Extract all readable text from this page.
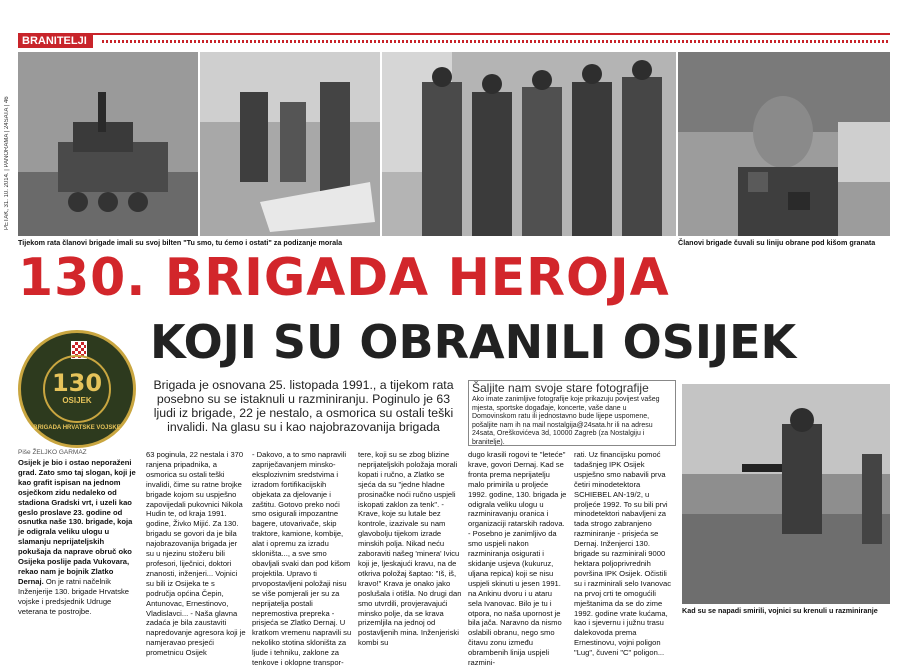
PETAK, 31. 10. 2014. | PANORAMA | 24SATA | 46
BRANITELJI
Tijekom rata članovi brigade imali su svoj bilten "Tu smo, tu ćemo i ostati" za podizanje morala	Članovi brigade čuvali su liniju obrane pod kišom granata
130. BRIGADA HEROJA
130
OSIJEK
BRIGADA HRVATSKE VOJSKE
KOJI SU OBRANILI OSIJEK
Brigada je osnovana 25. listopada 1991., a tijekom rata posebno su se istaknuli u razminiranju. Poginulo je 63 ljudi iz brigade, 22 je nestalo, a osmorica su ostali teški invalidi. Na glasu su i kao najobrazovanija brigada
Šaljite nam svoje stare fotografije
Ako imate zanimljive fotografije koje prikazuju povijest vašeg mjesta, sportske događaje, koncerte, vaše dane u Domovinskom ratu ili jednostavno bude lijepe uspomene, pošaljite nam ih na mail nostalgija@24sata.hr ili na adresu 24sata, Oreškovićeva 3d, 10000 Zagreb (za Nostalgiju i branitelje).
Piše ŽELJKO GARMAZ
Osijek je bio i ostao neporaženi grad. Zato smo taj slogan, koji je kao grafit ispisan na jednom osječkom zidu nedaleko od stadiona Gradski vrt, i uzeli kao geslo proslave 23. godine od osnutka naše 130. brigade, koja je odigrala veliku ulogu u slamanju neprijateljskih pokušaja da naprave obruč oko Osijeka poslije pada Vukovara, rekao nam je bojnik Zlatko Dernaj. On je ratni načelnik Inženjerije 130. brigade Hrvatske vojske i predsjednik Udruge veterana te postrojbe.
63 poginula, 22 nestala i 370 ranjena pripadnika, a osmorica su ostali teški invalidi, čime su ratne brojke brigade kojom su uspješno zapovijedali pukovnici Nikola Hudin te, od kraja 1991. godine, Živko Mijić. Za 130. brigadu se govori da je bila najobrazovanija brigada jer su u njezinu stožeru bili profesori, liječnici, doktori znanosti, inženjeri... Vojnici su bili iz Osijeka te s područja općina Čepin, Antunovac, Ernestinovo, Vladislavci... - Naša glavna zadaća je bila zaustaviti napredovanje agresora koji je namjeravao presjeći prometnicu Osijek
- Dakovo, a to smo napravili zapriječavanjem minsko-eksplozivnim sredstvima i izradom fortifikacijskih objekata za djelovanje i zaštitu. Gotovo preko noći smo osigurali impozantne bagere, utovarivače, skip traktore, kamione, kombije, alat i opremu za izradu skloništa..., a sve smo obavljali svaki dan pod kišom projektila. Upravo ti prvopostavljeni položaji nisu se više pomjerali jer su za neprijatelja postali nepremostiva prepreka - prisjeća se Zlatko Dernaj. U kratkom vremenu napravili su nekoliko stotina skloništa za ljude i tehniku, zaklone za tenkove i oklopne transpor-
tere, koji su se zbog blizine neprijateljskih položaja morali kopati i ručno, a Zlatko se sjeća da su "jedne hladne prosinačke noći ručno uspjeli iskopati zaklon za tenk". - Krave, koje su lutale bez kontrole, izazivale su nam glavobolju tijekom izrade minskih polja. Nikad neću zaboraviti našeg 'minera' Ivicu koji je, ljeskajući kravu, na de otkriva položaj šaptao: "Iš, iš, kravo!" Krava je onako jako poslušala i otišla. No drugi dan smo utvrdili, provjeravajući minsko polje, da se krava prizemljila na jednoj od postavljenih mina. Inženjeriski kombi su
dugo krasili rogovi te "leteće" krave, govori Dernaj. Kad se fronta prema neprijatelju malo primirila u proljeće 1992. godine, 130. brigada je odigrala veliku ulogu u razminiravanju oranica i organizaciji ratarskih radova. - Posebno je zanimljivo da smo uspjeli nakon razminiranja osigurati i skidanje usjeva (kukuruz, uljana repica) koji se nisu uspjeli skinuti u jesen 1991. na Ankinu dvoru i u ataru sela Ivanovac. Bilo je tu i otpora, no naša upornost je bila jača. Naravno da nismo oslabili obranu, nego smo čitavu zonu između obrambenih linija uspjeli razmini-
rati. Uz financijsku pomoć tadašnjeg IPK Osijek uspješno smo nabavili prva četiri minodetektora SCHIEBEL AN-19/2, u proljeće 1992. To su bili prvi minodetektori nabavljeni za tada strogo zabranjeno razminiranje - prisjeća se Dernaj. Inženjerci 130. brigade su razminirali 9000 hektara poljoprivrednih površina IPK Osijek. Očistili su i razminirali selo Ivanovac na prvoj crti te omogućili mještanima da se do zime 1992. godine vrate kućama, kao i sjevernu i južnu trasu dalekovoda prema Ernestinovu, vojni poligon "Lug", čuveni "C" poligon...
Kad su se napadi smirili, vojnici su krenuli u razminiranje
